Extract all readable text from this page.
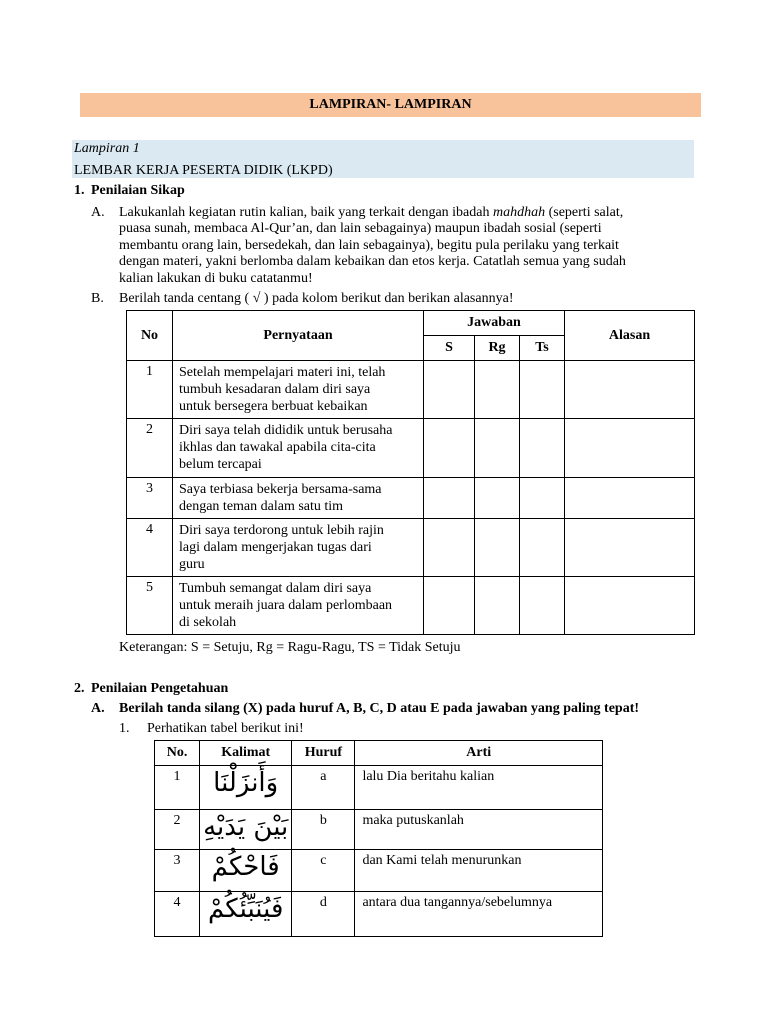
LAMPIRAN- LAMPIRAN
Lampiran 1
LEMBAR KERJA PESERTA DIDIK (LKPD)
1. Penilaian Sikap
A. Lakukanlah kegiatan rutin kalian, baik yang terkait dengan ibadah mahdhah (seperti salat,
puasa sunah, membaca Al-Qur’an, dan lain sebagainya) maupun ibadah sosial (seperti
membantu orang lain, bersedekah, dan lain sebagainya), begitu pula perilaku yang terkait
dengan materi, yakni berlomba dalam kebaikan dan etos kerja. Catatlah semua yang sudah
kalian lakukan di buku catatanmu!
B. Berilah tanda centang ( √ ) pada kolom berikut dan berikan alasannya!
No	Pernyataan	Jawaban			Alasan
		S	Rg	Ts	
1	Setelah mempelajari materi ini, telah
tumbuh kesadaran dalam diri saya
untuk bersegera berbuat kebaikan				

2	Diri saya telah dididik untuk berusaha
ikhlas dan tawakal apabila cita-cita
belum tercapai				

3	Saya terbiasa bekerja bersama-sama
dengan teman dalam satu tim				

4	Diri saya terdorong untuk lebih rajin
lagi dalam mengerjakan tugas dari
guru				

5	Tumbuh semangat dalam diri saya
untuk meraih juara dalam perlombaan
di sekolah				

Keterangan: S = Setuju, Rg = Ragu-Ragu, TS = Tidak Setuju
2. Penilaian Pengetahuan
A. Berilah tanda silang (X) pada huruf A, B, C, D atau E pada jawaban yang paling tepat!
1. Perhatikan tabel berikut ini!
No.	Kalimat	Huruf	Arti
1	وَأَنزَلْنَا	a	lalu Dia beritahu kalian
2	بَيْنَ يَدَيْهِ	b	maka putuskanlah
3	فَاحْكُمْ	c	dan Kami telah menurunkan
4	فَيُنَبِّئُكُمْ	d	antara dua tangannya/sebelumnya
